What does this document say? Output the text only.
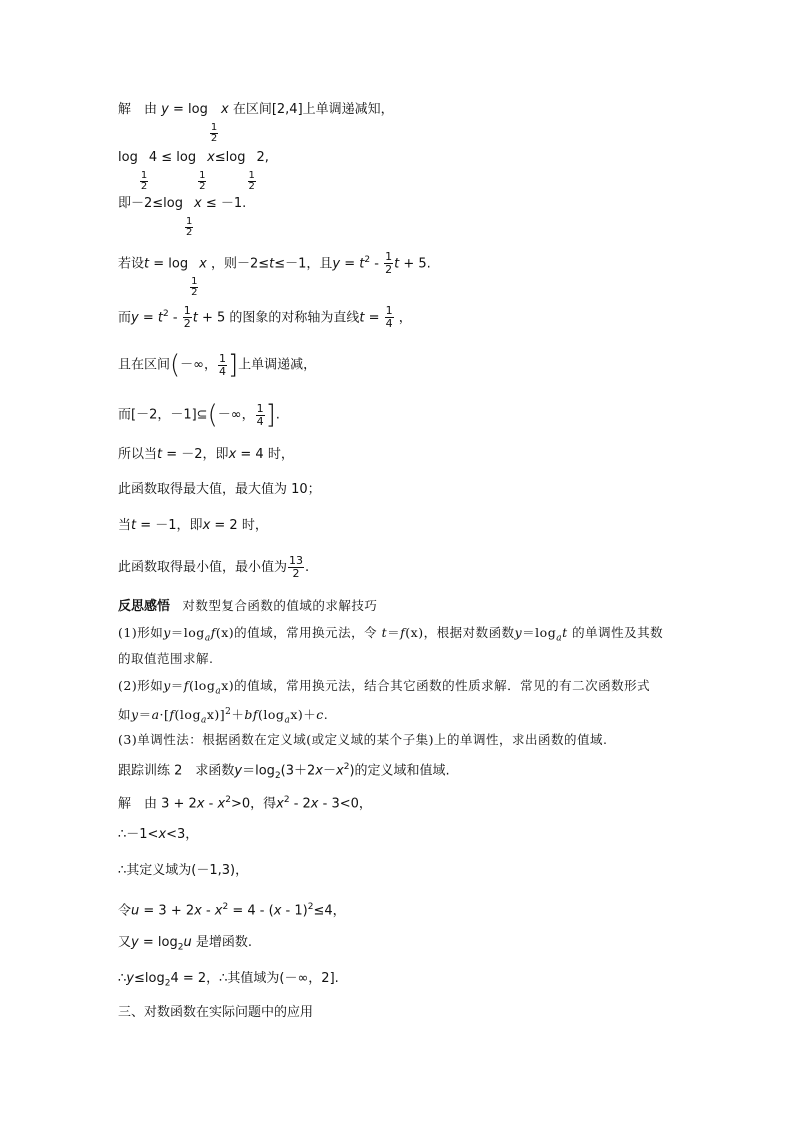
解　由 y = log
1
2
x 在区间[2,4]上单调递减知，
log
1
2
4 ≤ log
1
2
x≤log
1
2
2,
即－2≤log
1
2
x ≤ －1.
若设t = log
1
2
x ，则－2≤t≤－1，且$y = t^2 - \frac{1}{2}$ t + 5.
而$y = t^2 - \frac{1}{2}$ t + 5 的图象的对称轴为直线$t = \frac{1}{4}$ ，
且在区间(－∞， $\frac{1}{4}$ ]上单调递减，
而[－2，－1]⊆(－∞， $\frac{1}{4}$ ].
所以当t = －2，即x = 4 时，
此函数取得最大值，最大值为 10；
当t = －1，即x = 2 时，
此函数取得最小值，最小值为 $\frac{13}{2}$ .
反思感悟 对数型复合函数的值域的求解技巧
(1)形如$y=\log_af(x)$的值域，常用换元法，令 t＝f(x)，根据对数函数$y=\log_at$ 的单调性及其数
的取值范围求解.
(2)形如$y=f(\log_ax)$的值域，常用换元法，结合其它函数的性质求解．常见的有二次函数形式
如$y=a\cdot[f(\log_ax)]^2+bf(\log_ax)+c$.
(3)单调性法：根据函数在定义域(或定义域的某个子集)上的单调性，求出函数的值域.
跟踪训练 2　求函数$y=\log_2(3+2x-x^2)$的定义域和值域.
解　由 $3 + 2x - x^2>0$，得$x^2 - 2x - 3<0$，
∴－1<x<3，
∴其定义域为(－1,3)，
令$u = 3 + 2x - x^2 = 4 - (x - 1)^2\le 4$，
又$y = \log_2u$ 是增函数.
$\therefore y\le\log_24 = 2$，∴其值域为(－∞，2].
三、对数函数在实际问题中的应用
